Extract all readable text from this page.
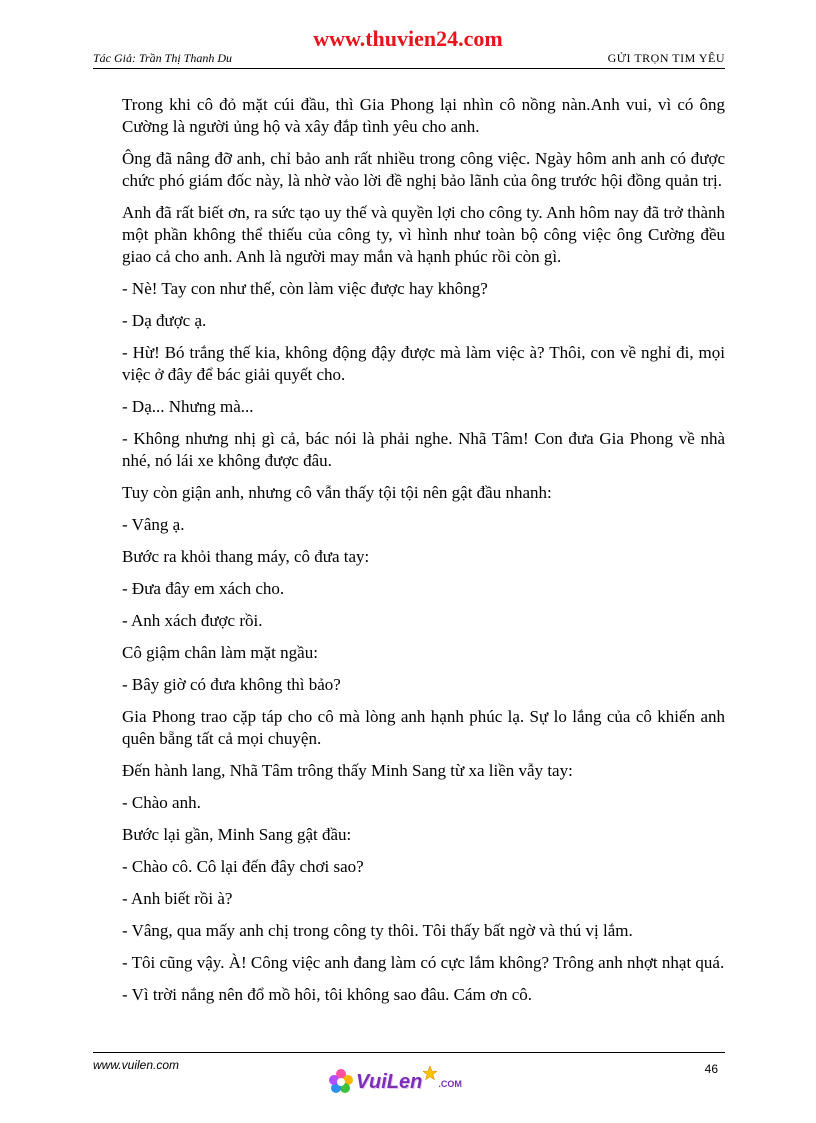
www.thuvien24.com
Tác Giả: Trần Thị Thanh Du	GỬI TRỌN TIM YÊU

Trong khi cô đỏ mặt cúi đầu, thì Gia Phong lại nhìn cô nồng nàn.Anh vui, vì có ông Cường là người ủng hộ và xây đắp tình yêu cho anh.

Ông đã nâng đỡ anh, chỉ bảo anh rất nhiều trong công việc. Ngày hôm anh anh có được chức phó giám đốc này, là nhờ vào lời đề nghị bảo lãnh của ông trước hội đồng quản trị.

Anh đã rất biết ơn, ra sức tạo uy thế và quyền lợi cho công ty. Anh hôm nay đã trở thành một phần không thể thiếu của công ty, vì hình như toàn bộ công việc ông Cường đều giao cả cho anh. Anh là người may mắn và hạnh phúc rồi còn gì.

- Nè! Tay con như thế, còn làm việc được hay không?

- Dạ được ạ.

- Hừ! Bó trắng thế kia, không động đậy được mà làm việc à? Thôi, con về nghỉ đi, mọi việc ở đây để bác giải quyết cho.

- Dạ... Nhưng mà...

- Không nhưng nhị gì cả, bác nói là phải nghe. Nhã Tâm! Con đưa Gia Phong về nhà nhé, nó lái xe không được đâu.

Tuy còn giận anh, nhưng cô vẫn thấy tội tội nên gật đầu nhanh:

- Vâng ạ.

Bước ra khỏi thang máy, cô đưa tay:

- Đưa đây em xách cho.

- Anh xách được rồi.

Cô giậm chân làm mặt ngầu:

- Bây giờ có đưa không thì bảo?

Gia Phong trao cặp táp cho cô mà lòng anh hạnh phúc lạ. Sự lo lắng của cô khiến anh quên bẵng tất cả mọi chuyện.

Đến hành lang, Nhã Tâm trông thấy Minh Sang từ xa liền vẫy tay:

- Chào anh.

Bước lại gần, Minh Sang gật đầu:

- Chào cô. Cô lại đến đây chơi sao?

- Anh biết rồi à?

- Vâng, qua mấy anh chị trong công ty thôi. Tôi thấy bất ngờ và thú vị lắm.

- Tôi cũng vậy. À! Công việc anh đang làm có cực lắm không? Trông anh nhợt nhạt quá.

- Vì trời nắng nên đổ mồ hôi, tôi không sao đâu. Cám ơn cô.

www.vuilen.com	46
VuiLen .COM
